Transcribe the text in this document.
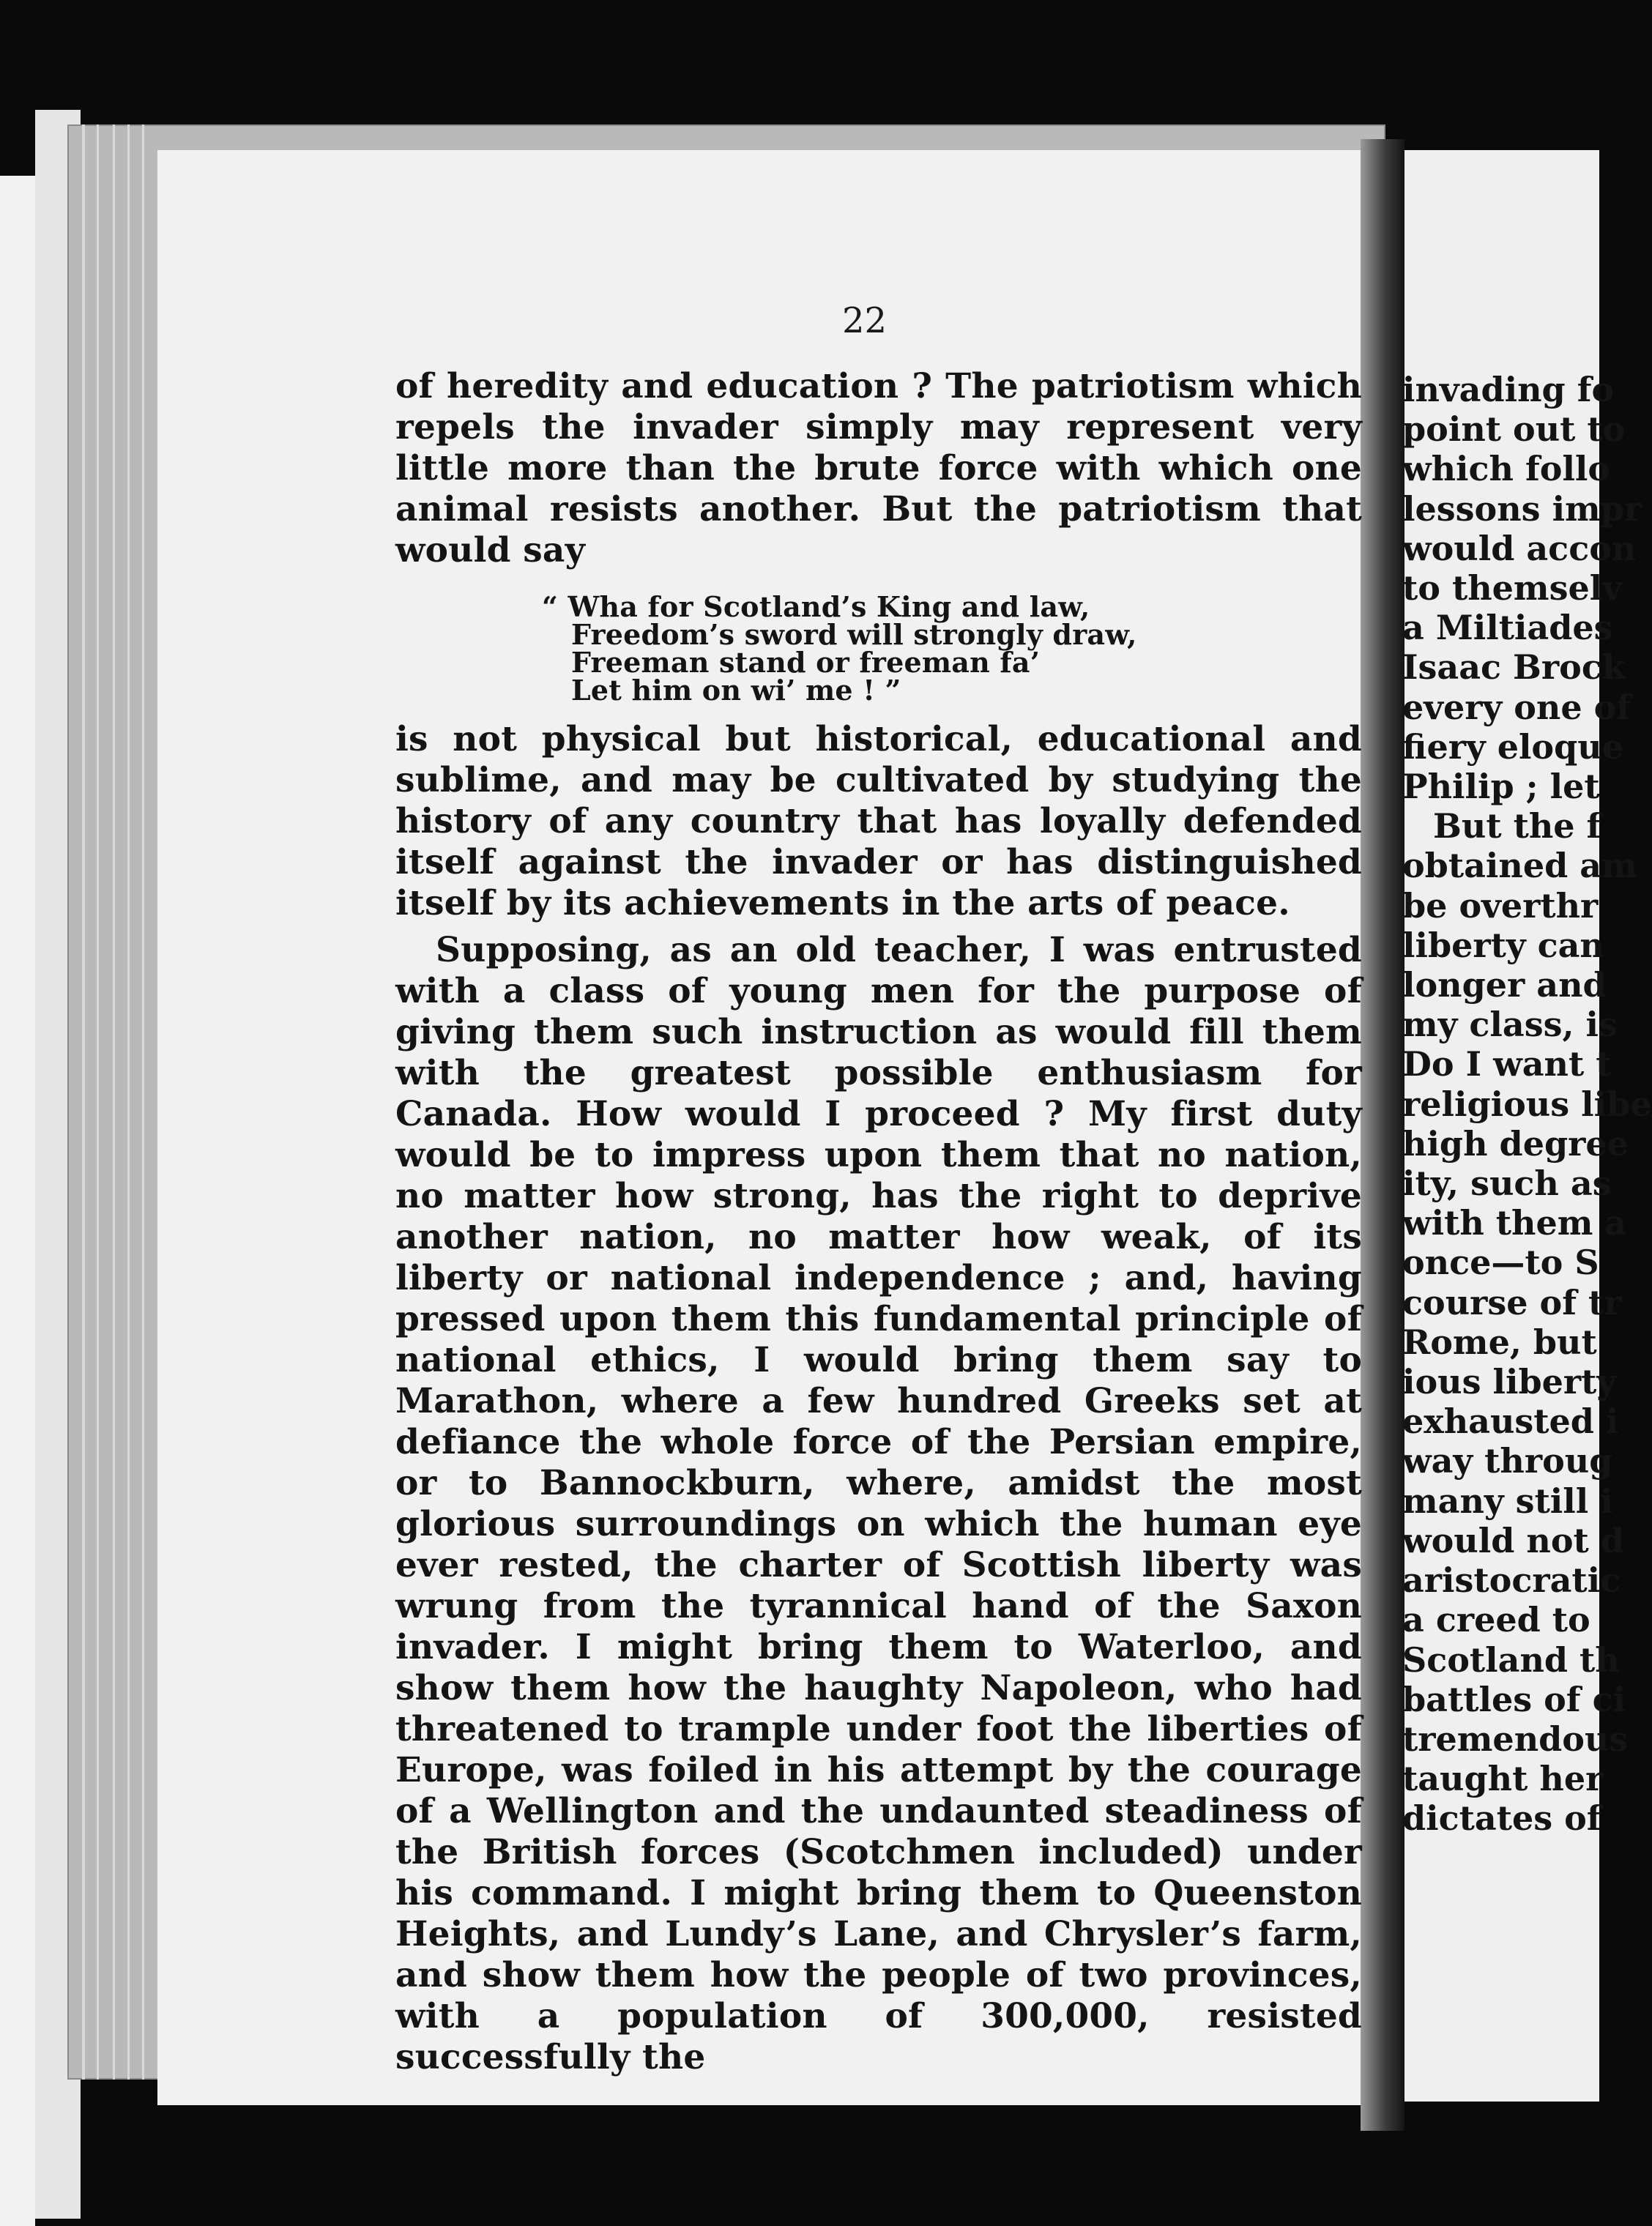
22

of heredity and education ? The patriotism which repels the invader simply may represent very little more than the brute force with which one animal resists another. But the patriotism that would say

“ Wha for Scotland’s King and law,
Freedom’s sword will strongly draw,
Freeman stand or freeman fa’
Let him on wi’ me ! ”

is not physical but historical, educational and sublime, and may be cultivated by studying the history of any country that has loyally defended itself against the invader or has distinguished itself by its achievements in the arts of peace.

Supposing, as an old teacher, I was entrusted with a class of young men for the purpose of giving them such instruction as would fill them with the greatest possible enthusiasm for Canada. How would I proceed ? My first duty would be to impress upon them that no nation, no matter how strong, has the right to deprive another nation, no matter how weak, of its liberty or national independence ; and, having pressed upon them this fundamental principle of national ethics, I would bring them say to Marathon, where a few hundred Greeks set at defiance the whole force of the Persian empire, or to Bannockburn, where, amidst the most glorious surroundings on which the human eye ever rested, the charter of Scottish liberty was wrung from the tyrannical hand of the Saxon invader. I might bring them to Waterloo, and show them how the haughty Napoleon, who had threatened to trample under foot the liberties of Europe, was foiled in his attempt by the courage of a Wellington and the undaunted steadiness of the British forces (Scotchmen included) under his command. I might bring them to Queenston Heights, and Lundy’s Lane, and Chrysler’s farm, and show them how the people of two provinces, with a population of 300,000, resisted successfully the

invading fo
point out to
which follo
lessons impr
would accon
to themselv
a Miltiades
Isaac Brock
every one of
fiery eloque
Philip ; let
But the f
obtained am
be overthr
liberty can
longer and
my class, is
Do I want t
religious libe
high degree
ity, such as
with them a
once—to S
course of tr
Rome, but
ious liberty
exhausted i
way throug
many still i
would not d
aristocratic
a creed to
Scotland th
battles of ci
tremendous
taught her
dictates of
